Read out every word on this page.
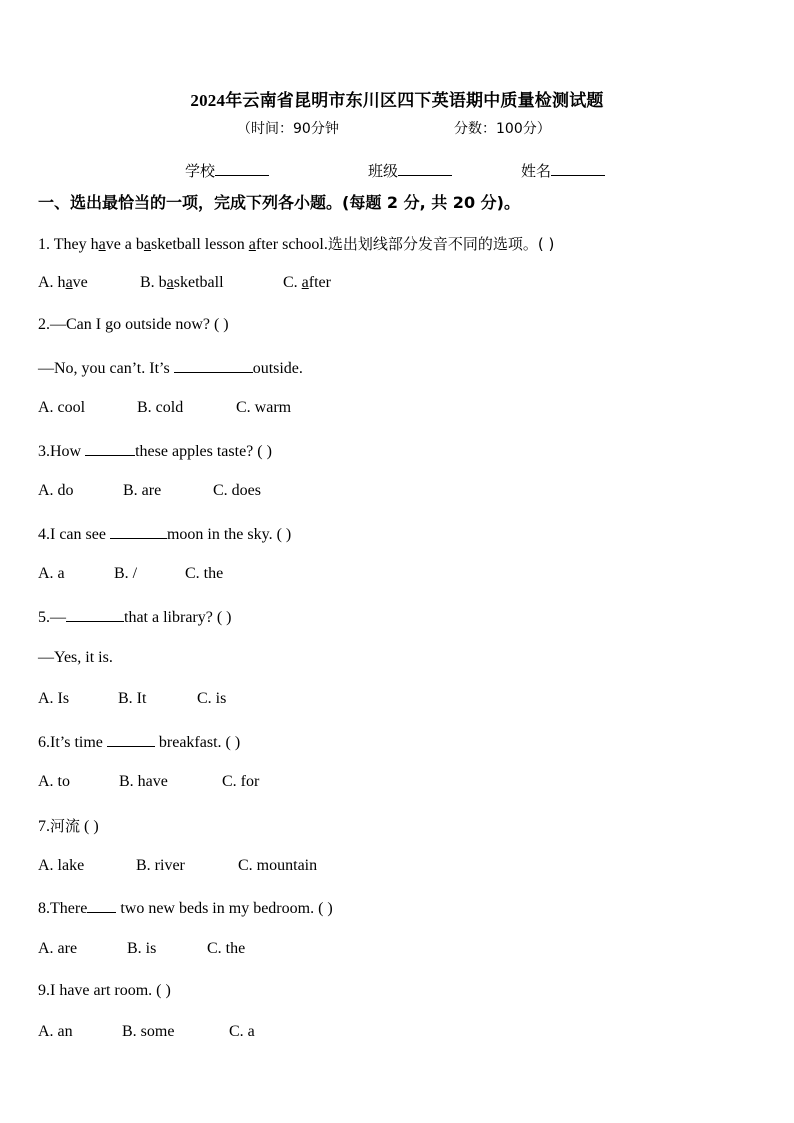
2024年云南省昆明市东川区四下英语期中质量检测试题
（时间：90分钟	分数：100分）
学校	班级	姓名
一、选出最恰当的一项，完成下列各小题。(每题 2 分, 共 20 分)。
1. They have a basketball lesson after school.选出划线部分发音不同的选项。( )
A. have	B. basketball	C. after
2.—Can I go outside now? ( )
—No, you can’t. It’s	outside.
A. cool	B. cold	C. warm
3.How	these apples taste? ( )
A. do	B. are	C. does
4.I can see	moon in the sky. ( )
A. a	B. /	C. the
5.—	that a library? ( )
—Yes, it is.
A. Is	B. It	C. is
6.It’s time	breakfast. ( )
A. to	B. have	C. for
7.河流 ( )
A. lake	B. river	C. mountain
8.There two new beds in my bedroom. ( )
A. are	B. is	C. the
9.I have art room. ( )
A. an	B. some	C. a
